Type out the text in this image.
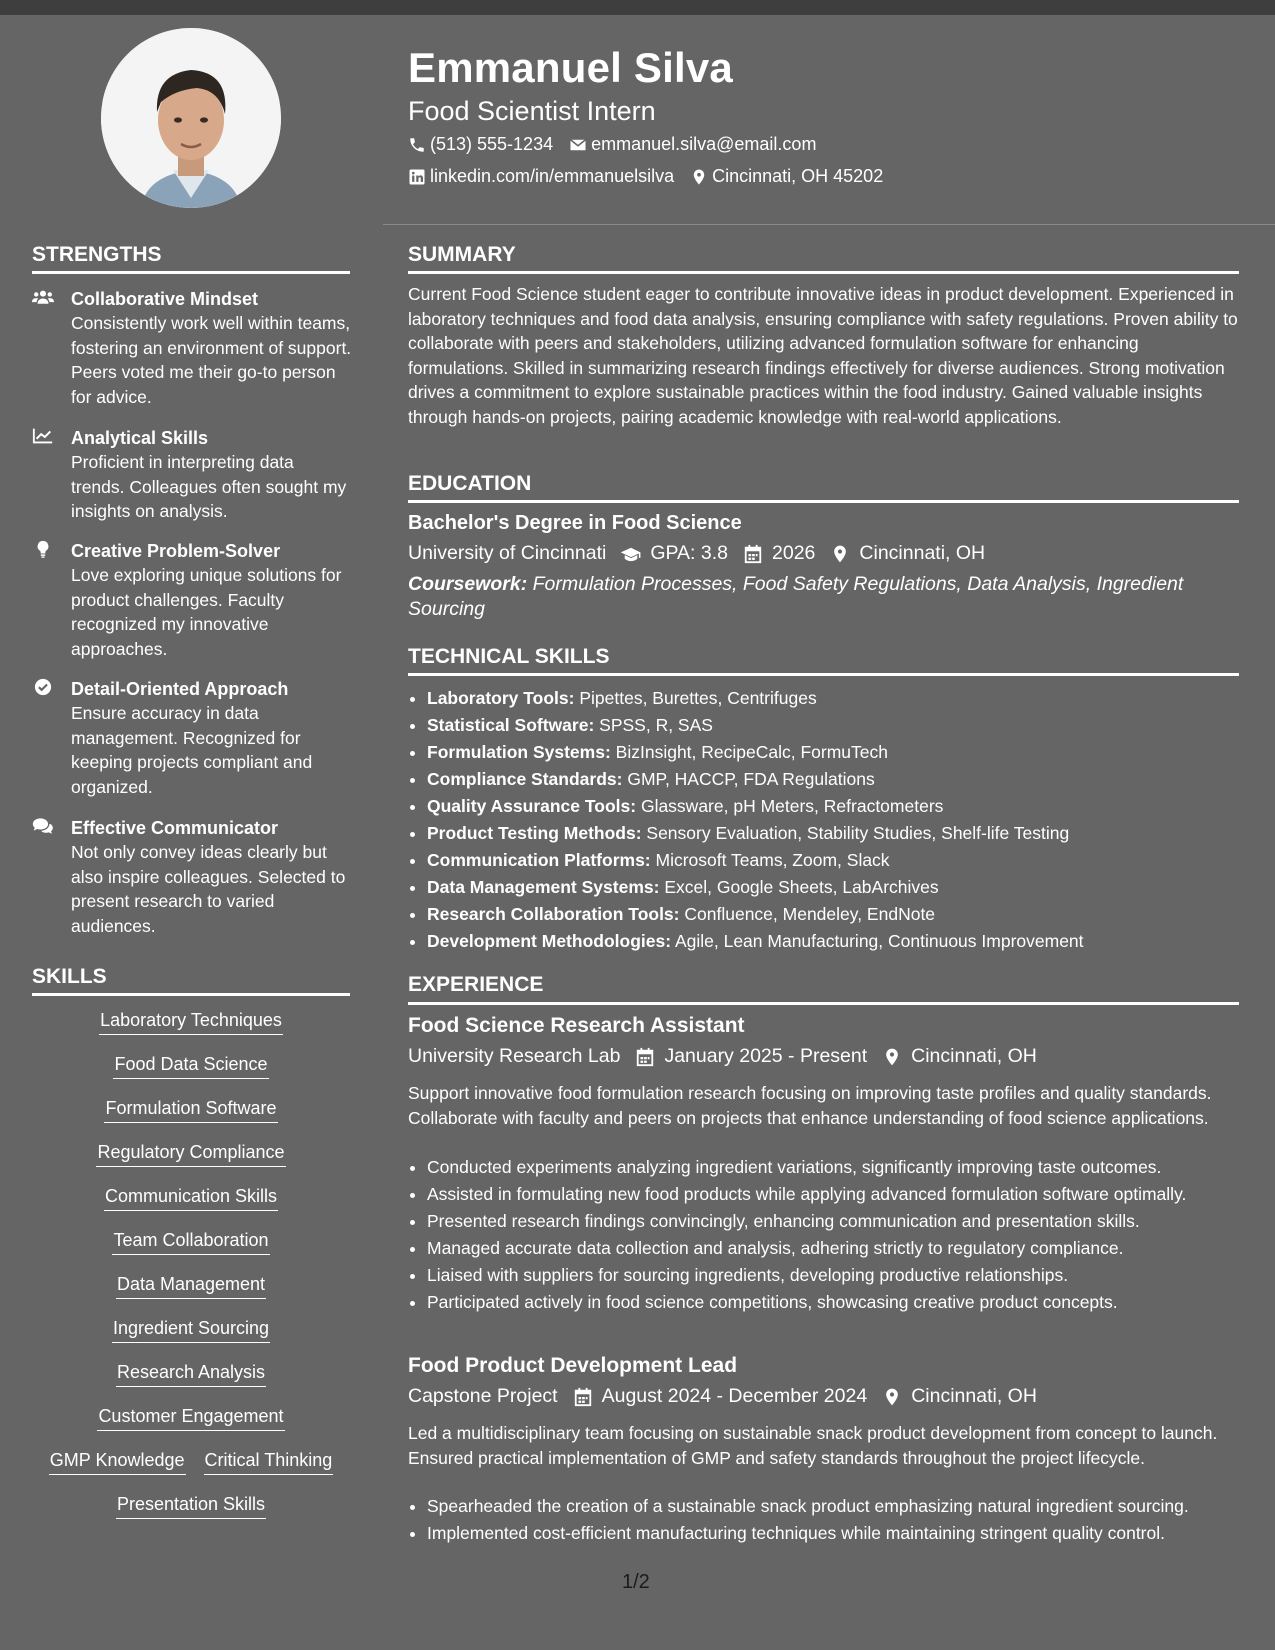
Emmanuel Silva
Food Scientist Intern
(513) 555-1234 emmanuel.silva@email.com
linkedin.com/in/emmanuelsilva Cincinnati, OH 45202
STRENGTHS
Collaborative Mindset
Consistently work well within teams, fostering an environment of support. Peers voted me their go-to person for advice.
Analytical Skills
Proficient in interpreting data trends. Colleagues often sought my insights on analysis.
Creative Problem-Solver
Love exploring unique solutions for product challenges. Faculty recognized my innovative approaches.
Detail-Oriented Approach
Ensure accuracy in data management. Recognized for keeping projects compliant and organized.
Effective Communicator
Not only convey ideas clearly but also inspire colleagues. Selected to present research to varied audiences.
SKILLS
Laboratory Techniques
Food Data Science
Formulation Software
Regulatory Compliance
Communication Skills
Team Collaboration
Data Management
Ingredient Sourcing
Research Analysis
Customer Engagement
GMP Knowledge Critical Thinking
Presentation Skills
SUMMARY
Current Food Science student eager to contribute innovative ideas in product development. Experienced in laboratory techniques and food data analysis, ensuring compliance with safety regulations. Proven ability to collaborate with peers and stakeholders, utilizing advanced formulation software for enhancing formulations. Skilled in summarizing research findings effectively for diverse audiences. Strong motivation drives a commitment to explore sustainable practices within the food industry. Gained valuable insights through hands-on projects, pairing academic knowledge with real-world applications.
EDUCATION
Bachelor's Degree in Food Science
University of Cincinnati GPA: 3.8 2026 Cincinnati, OH
Coursework: Formulation Processes, Food Safety Regulations, Data Analysis, Ingredient Sourcing
TECHNICAL SKILLS
• Laboratory Tools: Pipettes, Burettes, Centrifuges
• Statistical Software: SPSS, R, SAS
• Formulation Systems: BizInsight, RecipeCalc, FormuTech
• Compliance Standards: GMP, HACCP, FDA Regulations
• Quality Assurance Tools: Glassware, pH Meters, Refractometers
• Product Testing Methods: Sensory Evaluation, Stability Studies, Shelf-life Testing
• Communication Platforms: Microsoft Teams, Zoom, Slack
• Data Management Systems: Excel, Google Sheets, LabArchives
• Research Collaboration Tools: Confluence, Mendeley, EndNote
• Development Methodologies: Agile, Lean Manufacturing, Continuous Improvement
EXPERIENCE
Food Science Research Assistant
University Research Lab January 2025 - Present Cincinnati, OH
Support innovative food formulation research focusing on improving taste profiles and quality standards. Collaborate with faculty and peers on projects that enhance understanding of food science applications.
• Conducted experiments analyzing ingredient variations, significantly improving taste outcomes.
• Assisted in formulating new food products while applying advanced formulation software optimally.
• Presented research findings convincingly, enhancing communication and presentation skills.
• Managed accurate data collection and analysis, adhering strictly to regulatory compliance.
• Liaised with suppliers for sourcing ingredients, developing productive relationships.
• Participated actively in food science competitions, showcasing creative product concepts.
Food Product Development Lead
Capstone Project August 2024 - December 2024 Cincinnati, OH
Led a multidisciplinary team focusing on sustainable snack product development from concept to launch. Ensured practical implementation of GMP and safety standards throughout the project lifecycle.
• Spearheaded the creation of a sustainable snack product emphasizing natural ingredient sourcing.
• Implemented cost-efficient manufacturing techniques while maintaining stringent quality control.
1/2
